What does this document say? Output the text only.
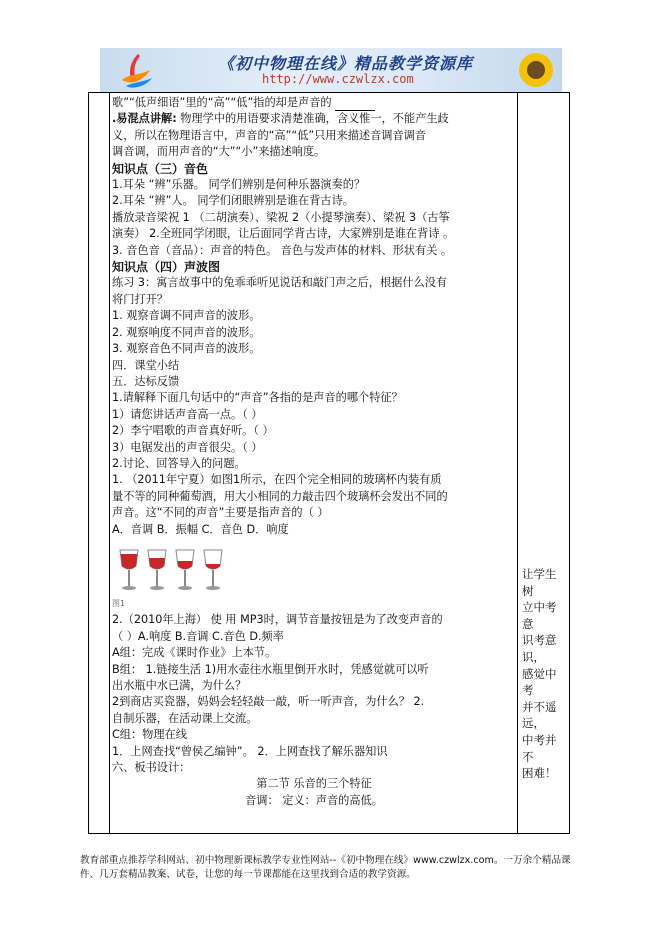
《初中物理在线》精品教学资源库
http://www.czwlzx.com

歌”“低声细语”里的“高”“低”指的却是声音的

.易混点讲解: 物理学中的用语要求清楚准确，含义惟一，不能产生歧

义，所以在物理语言中，声音的“高”“低”只用来描述音调音调音

调音调，而用声音的“大”“小”来描述响度。

知识点（三）音色

1.耳朵 “辨”乐器。 同学们辨别是何种乐器演奏的？

2.耳朵 “辨”人。 同学们闭眼辨别是谁在背古诗。

播放录音梁祝 1 （二胡演奏）、梁祝 2（小提琴演奏）、梁祝 3（古筝

演奏） 2.全班同学闭眼，让后面同学背古诗，大家辨别是谁在背诗 。

3. 音色音（音品）：声音的特色。 音色与发声体的材料、形状有关 。

知识点（四）声波图

练习 3：寓言故事中的兔乖乖听见说话和敲门声之后，根据什么没有

将门打开？

1. 观察音调不同声音的波形。

2. 观察响度不同声音的波形。

3. 观察音色不同声音的波形。

四．课堂小结

五．达标反馈

1.请解释下面几句话中的“声音”各指的是声音的哪个特征？

1）请您讲话声音高一点。（ ）

2）李宁唱歌的声音真好听。（ ）

3）电锯发出的声音很尖。（ ）

2.讨论、回答导入的问题。

1. （2011年宁夏）如图1所示，在四个完全相同的玻璃杯内装有质

量不等的同种葡萄酒，用大小相同的力敲击四个玻璃杯会发出不同的

声音。这“不同的声音”主要是指声音的（ ）

A．音调 B．振幅 C．音色 D．响度

图1

2.（2010年上海） 使 用 MP3时，调节音量按钮是为了改变声音的

（ ）A.响度 B.音调 C.音色 D.频率

A组：完成《课时作业》上本节。

B组： 1.链接生活 1)用水壶往水瓶里倒开水时，凭感觉就可以听

出水瓶中水已满，为什么？

2到商店买瓷器，妈妈会轻轻敲一敲，听一听声音，为什么？ 2.

自制乐器，在活动课上交流。

C组：物理在线

1．上网查找“曾侯乙编钟”。 2．上网查找了解乐器知识

六、板书设计：

第二节 乐音的三个特征

音调： 定义：声音的高低。

让学生树

立中考意

识考意识，

感觉中考

并不遥远，

中考并不

困难！

教育部重点推荐学科网站、初中物理新课标教学专业性网站--《初中物理在线》www.czwlzx.com。一万余个精品课

件、几万套精品教案、试卷，让您的每一节课都能在这里找到合适的教学资源。
